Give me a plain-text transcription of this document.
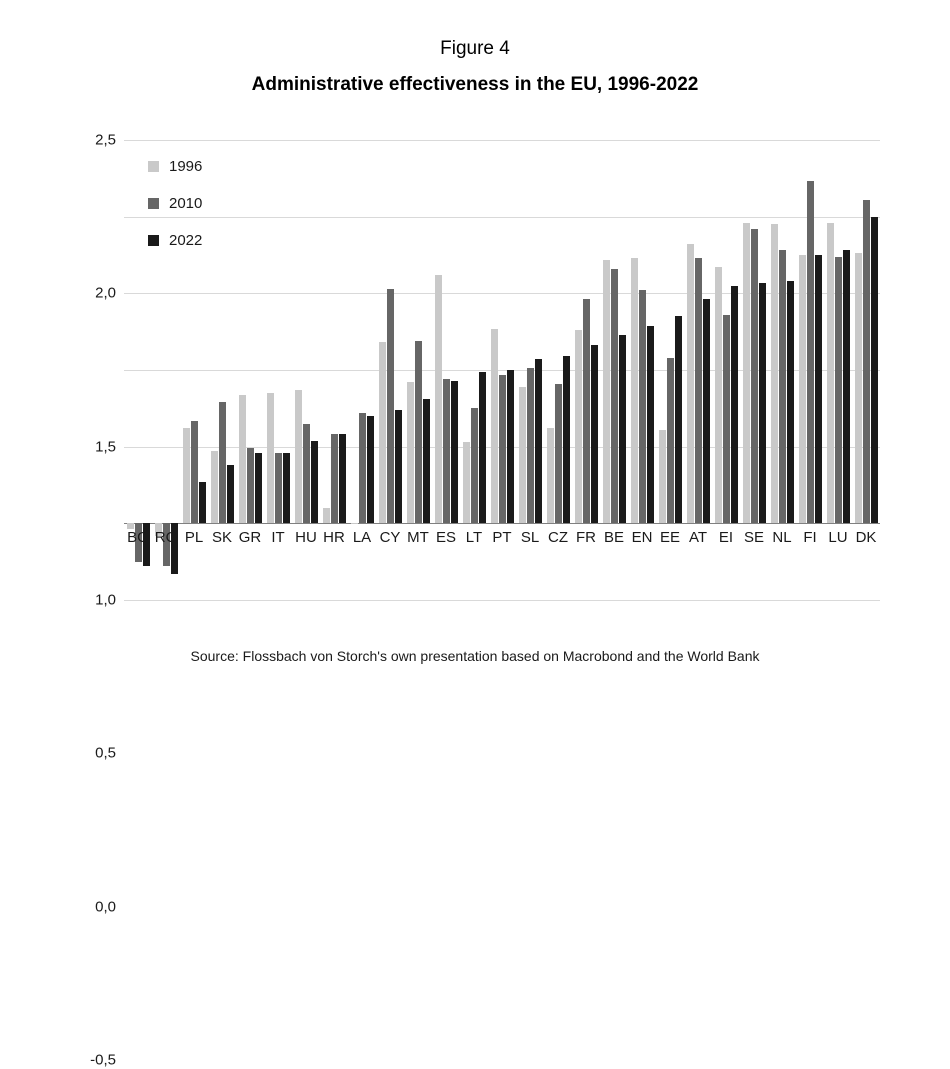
Figure 4
Administrative effectiveness in the EU, 1996-2022
-0,5
0,0
0,5
1,0
1,5
2,0
2,5
BG RO PL SK GR IT HU HR LA CY MT ES LT PT SL CZ FR BE EN EE AT EI SE NL FI LU DK
1996
2010
2022
Source: Flossbach von Storch's own presentation based on Macrobond and the World Bank
